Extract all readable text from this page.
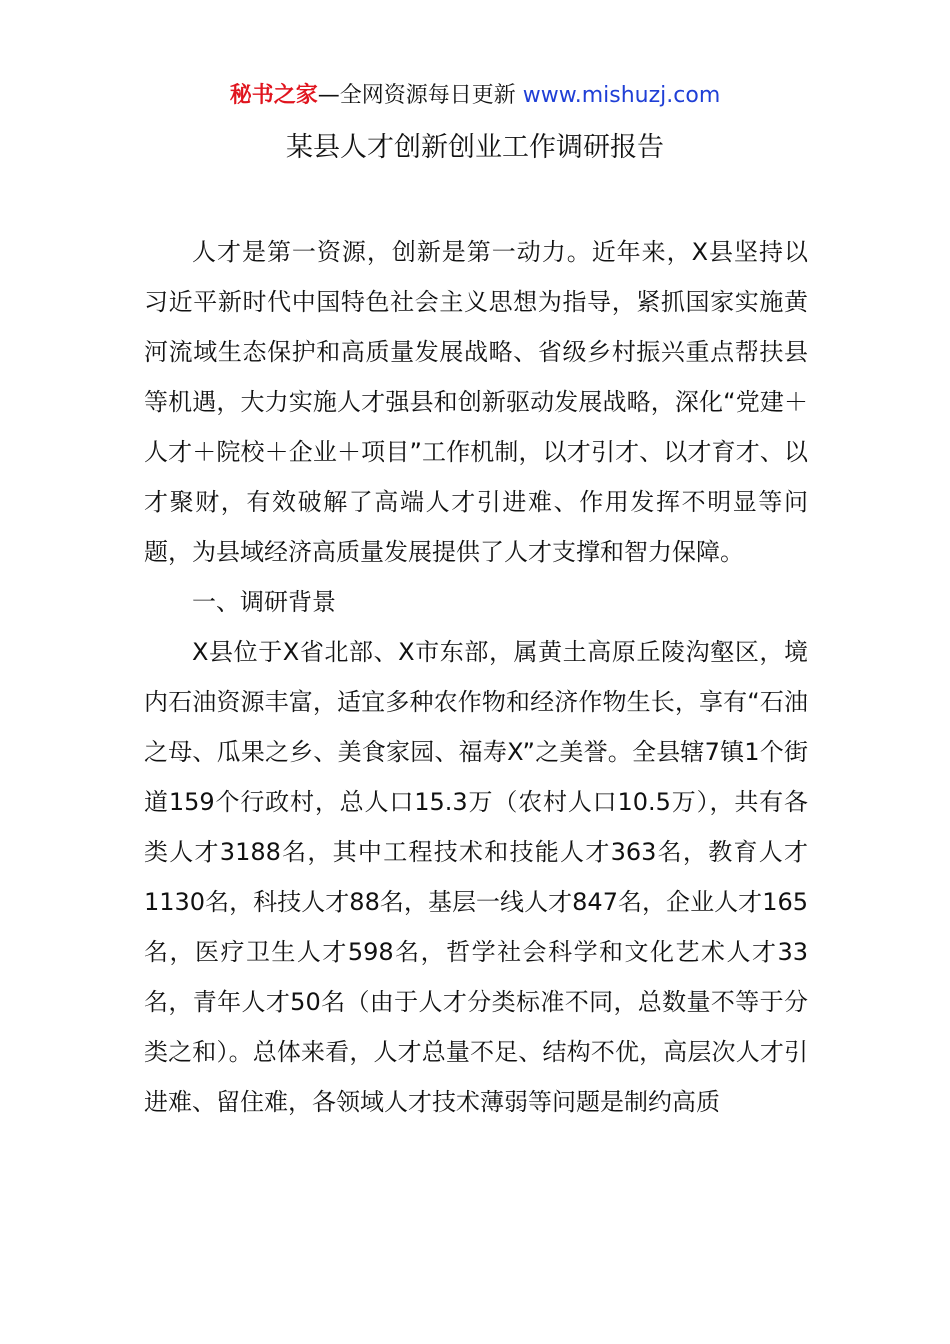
秘书之家—全网资源每日更新 www.mishuzj.com
某县人才创新创业工作调研报告

人才是第一资源，创新是第一动力。近年来，X县坚持以习近平新时代中国特色社会主义思想为指导，紧抓国家实施黄河流域生态保护和高质量发展战略、省级乡村振兴重点帮扶县等机遇，大力实施人才强县和创新驱动发展战略，深化“党建＋人才＋院校＋企业＋项目”工作机制，以才引才、以才育才、以才聚财，有效破解了高端人才引进难、作用发挥不明显等问题，为县域经济高质量发展提供了人才支撑和智力保障。

一、调研背景

X县位于X省北部、X市东部，属黄土高原丘陵沟壑区，境内石油资源丰富，适宜多种农作物和经济作物生长，享有“石油之母、瓜果之乡、美食家园、福寿X”之美誉。全县辖7镇1个街道159个行政村，总人口15.3万（农村人口10.5万），共有各类人才3188名，其中工程技术和技能人才363名，教育人才1130名，科技人才88名，基层一线人才847名，企业人才165名，医疗卫生人才598名，哲学社会科学和文化艺术人才33名，青年人才50名（由于人才分类标准不同，总数量不等于分类之和）。总体来看，人才总量不足、结构不优，高层次人才引进难、留住难，各领域人才技术薄弱等问题是制约高质
